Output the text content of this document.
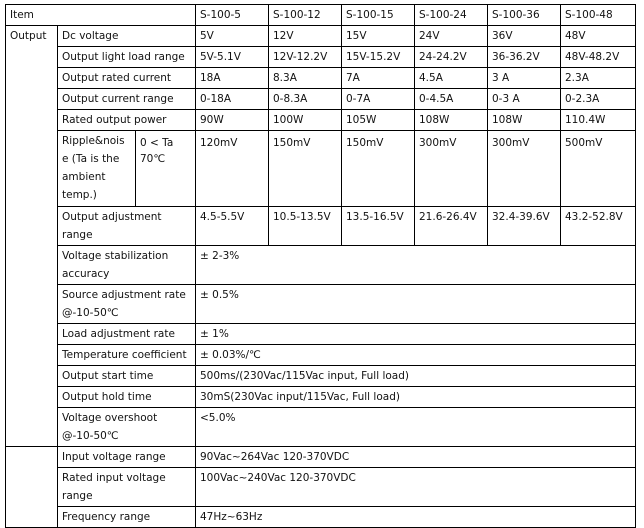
Item			S-100-5	S-100-12	S-100-15	S-100-24	S-100-36	S-100-48
Output	Dc voltage		5V	12V	15V	24V	36V	48V
	Output light load range		5V-5.1V	12V-12.2V	15V-15.2V	24-24.2V	36-36.2V	48V-48.2V
	Output rated current		18A	8.3A	7A	4.5A	3 A	2.3A
	Output current range		0-18A	0-8.3A	0-7A	0-4.5A	0-3 A	0-2.3A
	Rated output power		90W	100W	105W	108W	108W	110.4W
	Ripple&noise (Ta is the ambient temp.)	0 < Ta 70℃	120mV	150mV	150mV	300mV	300mV	500mV
	Output adjustment range		4.5-5.5V	10.5-13.5V	13.5-16.5V	21.6-26.4V	32.4-39.6V	43.2-52.8V
	Voltage stabilization accuracy		± 2-3%					
	Source adjustment rate @-10-50℃		± 0.5%					
	Load adjustment rate		± 1%					
	Temperature coefficient		± 0.03%/℃					
	Output start time		500ms/(230Vac/115Vac input, Full load)					
	Output hold time		30mS(230Vac input/115Vac, Full load)					
	Voltage overshoot @-10-50℃		<5.0%					

	Input voltage range		90Vac~264Vac 120-370VDC					
	Rated input voltage range		100Vac~240Vac 120-370VDC					
	Frequency range		47Hz~63Hz					
